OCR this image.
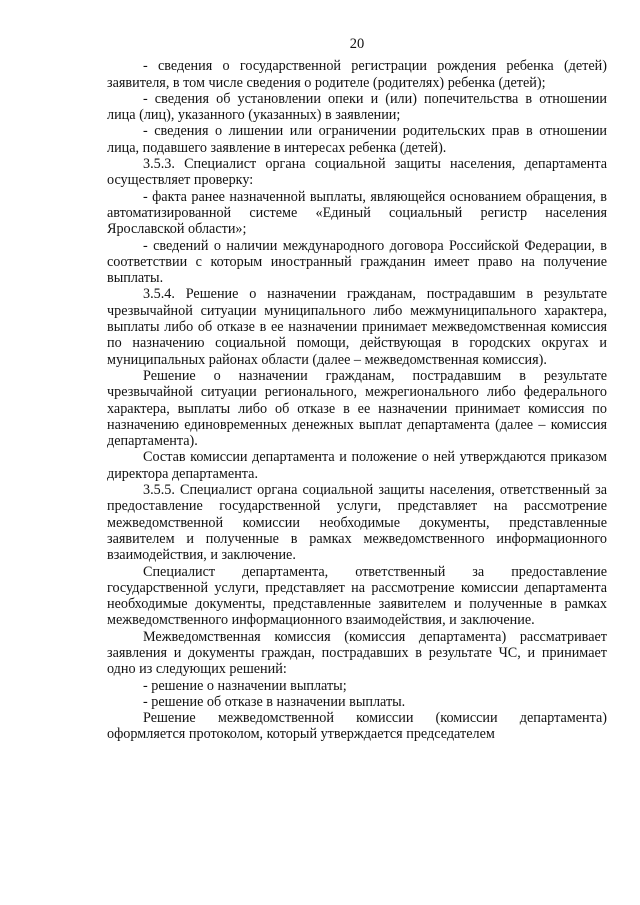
20

- сведения о государственной регистрации рождения ребенка (детей) заявителя, в том числе сведения о родителе (родителях) ребенка (детей);

- сведения об установлении опеки и (или) попечительства в отношении лица (лиц), указанного (указанных) в заявлении;

- сведения о лишении или ограничении родительских прав в отношении лица, подавшего заявление в интересах ребенка (детей).

3.5.3. Специалист органа социальной защиты населения, департамента осуществляет проверку:

- факта ранее назначенной выплаты, являющейся основанием обращения, в автоматизированной системе «Единый социальный регистр населения Ярославской области»;

- сведений о наличии международного договора Российской Федерации, в соответствии с которым иностранный гражданин имеет право на получение выплаты.

3.5.4. Решение о назначении гражданам, пострадавшим в результате чрезвычайной ситуации муниципального либо межмуниципального характера, выплаты либо об отказе в ее назначении принимает межведомственная комиссия по назначению социальной помощи, действующая в городских округах и муниципальных районах области (далее – межведомственная комиссия).

Решение о назначении гражданам, пострадавшим в результате чрезвычайной ситуации регионального, межрегионального либо федерального характера, выплаты либо об отказе в ее назначении принимает комиссия по назначению единовременных денежных выплат департамента (далее – комиссия департамента).

Состав комиссии департамента и положение о ней утверждаются приказом директора департамента.

3.5.5. Специалист органа социальной защиты населения, ответственный за предоставление государственной услуги, представляет на рассмотрение межведомственной комиссии необходимые документы, представленные заявителем и полученные в рамках межведомственного информационного взаимодействия, и заключение.

Специалист департамента, ответственный за предоставление государственной услуги, представляет на рассмотрение комиссии департамента необходимые документы, представленные заявителем и полученные в рамках межведомственного информационного взаимодействия, и заключение.

Межведомственная комиссия (комиссия департамента) рассматривает заявления и документы граждан, пострадавших в результате ЧС, и принимает одно из следующих решений:

- решение о назначении выплаты;

- решение об отказе в назначении выплаты.

Решение межведомственной комиссии (комиссии департамента) оформляется протоколом, который утверждается председателем
